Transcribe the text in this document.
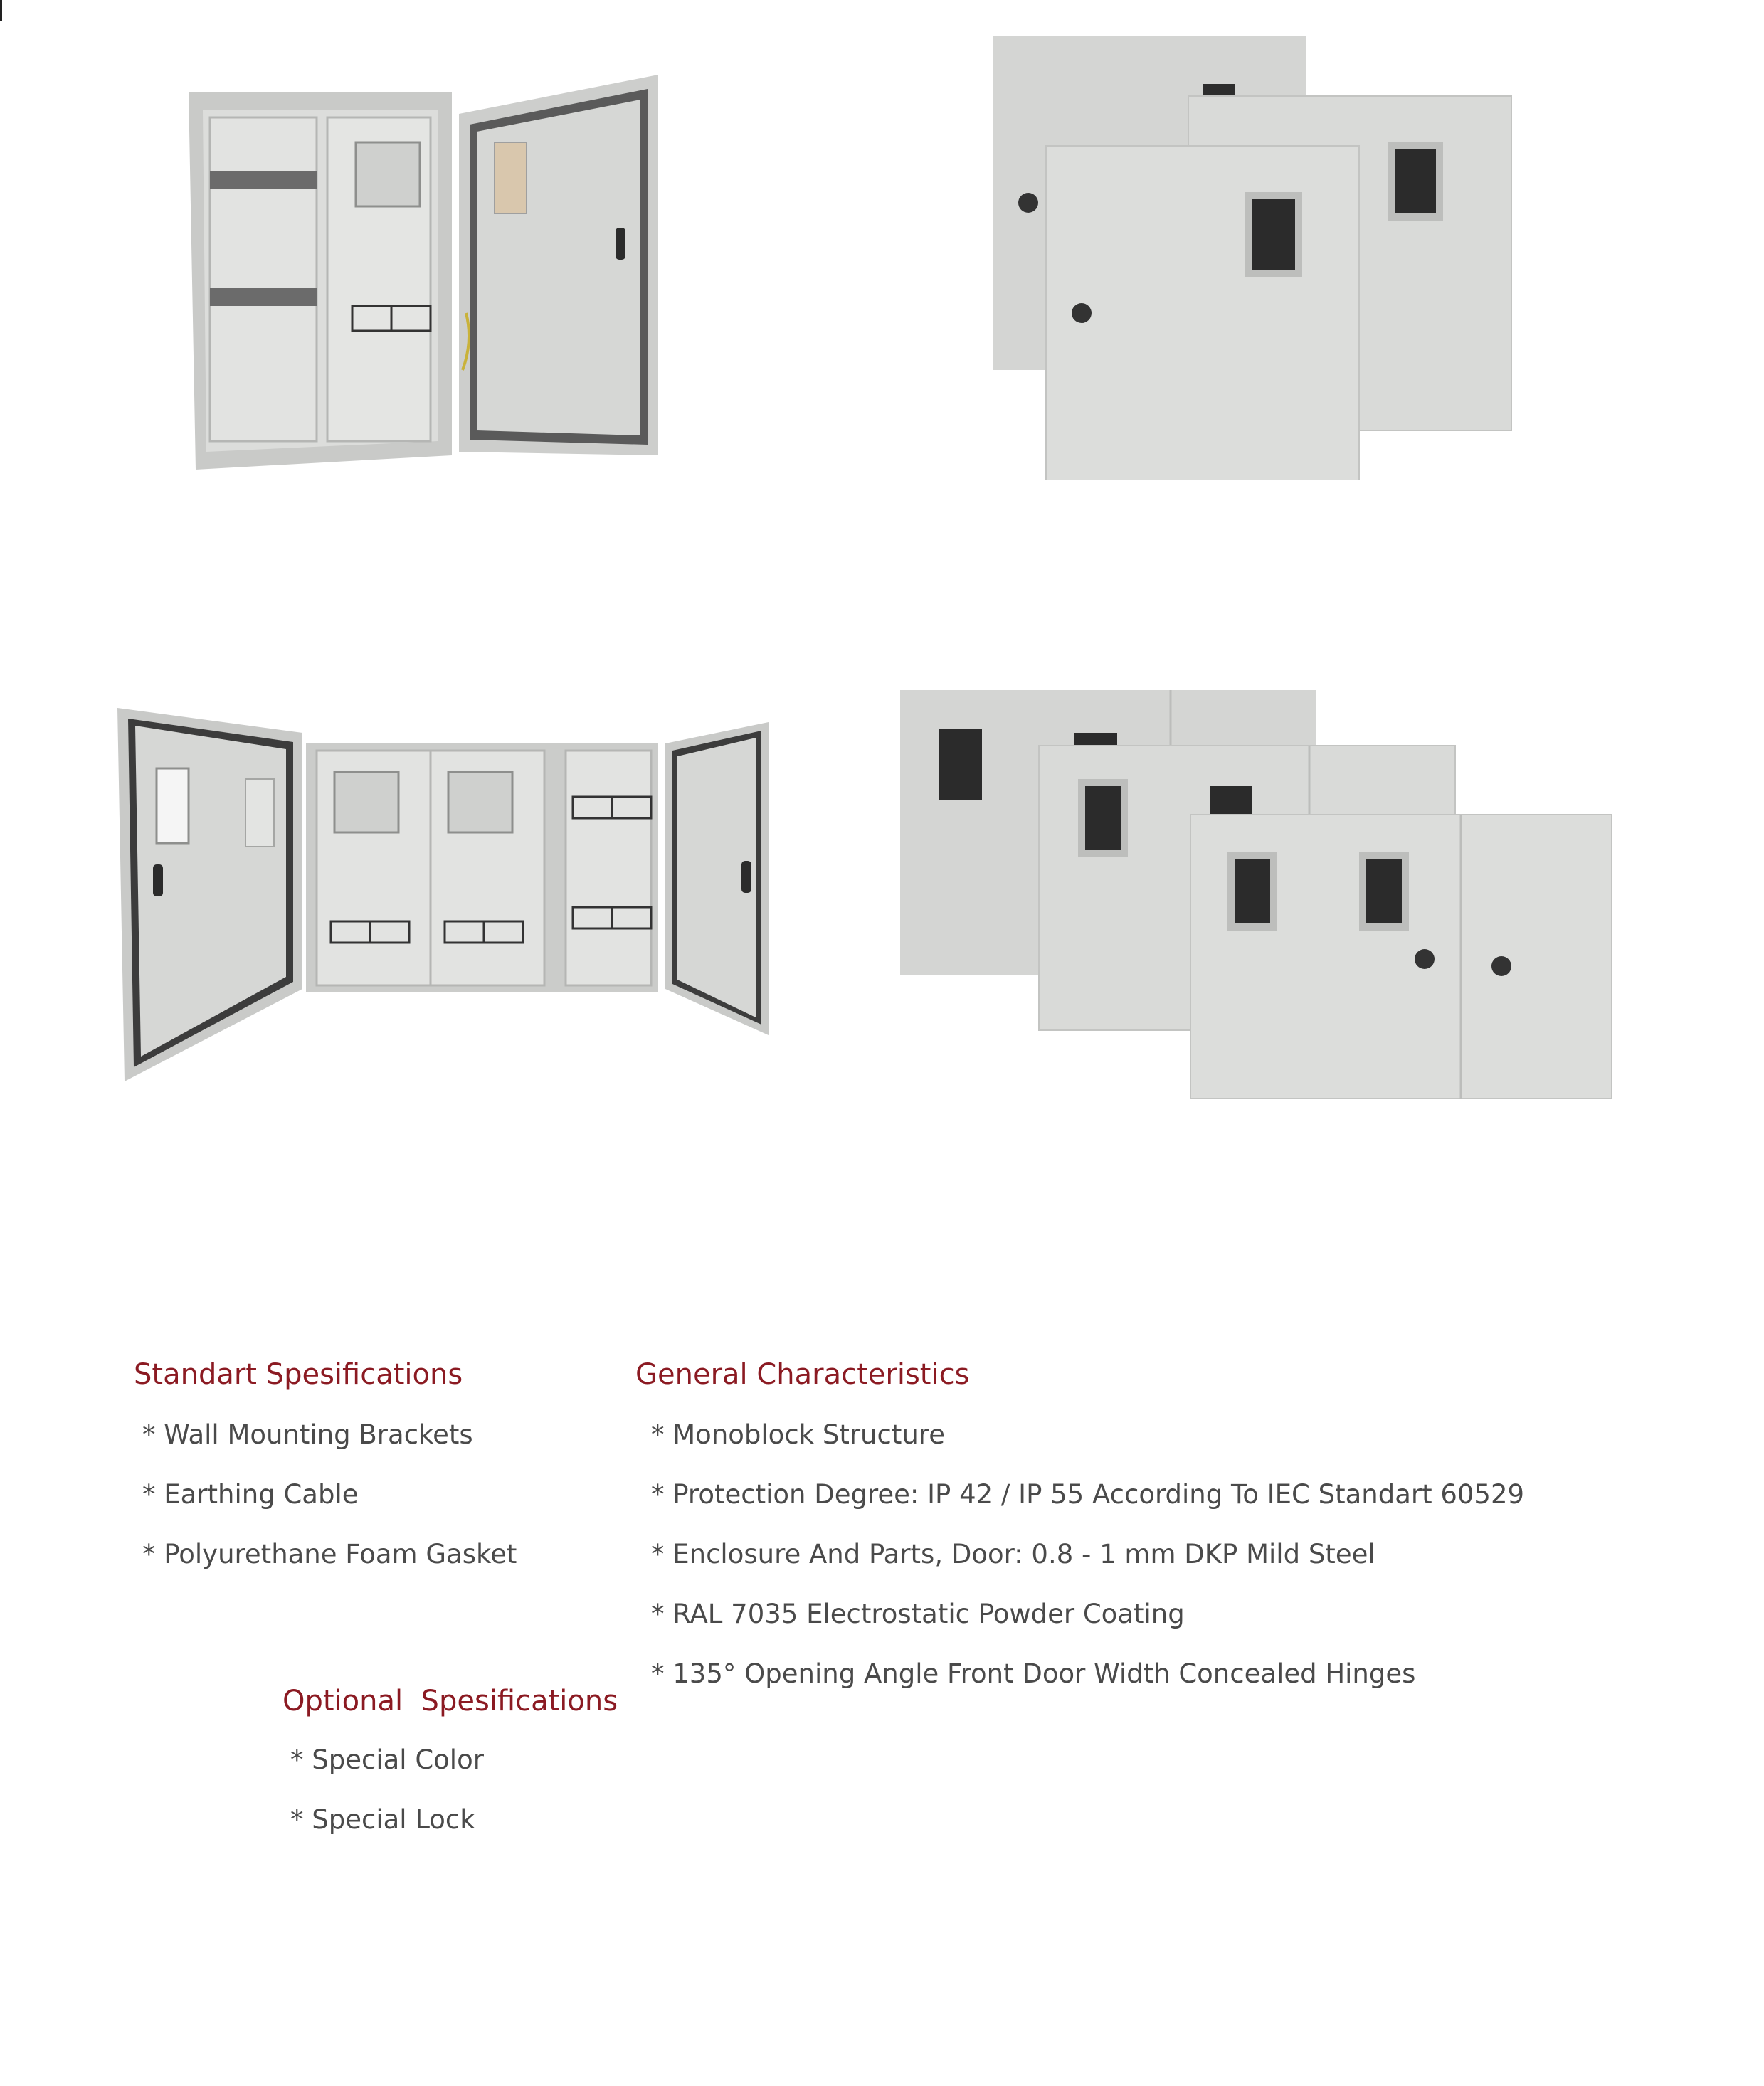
Standart Spesifications
* Wall Mounting Brackets
* Earthing Cable
* Polyurethane Foam Gasket
General Characteristics
* Monoblock Structure
* Protection Degree: IP 42 / IP 55 According To IEC Standart 60529
* Enclosure And Parts, Door: 0.8 - 1 mm DKP Mild Steel
* RAL 7035 Electrostatic Powder Coating
* 135° Opening Angle Front Door Width Concealed Hinges
Optional  Spesifications
* Special Color
* Special Lock
